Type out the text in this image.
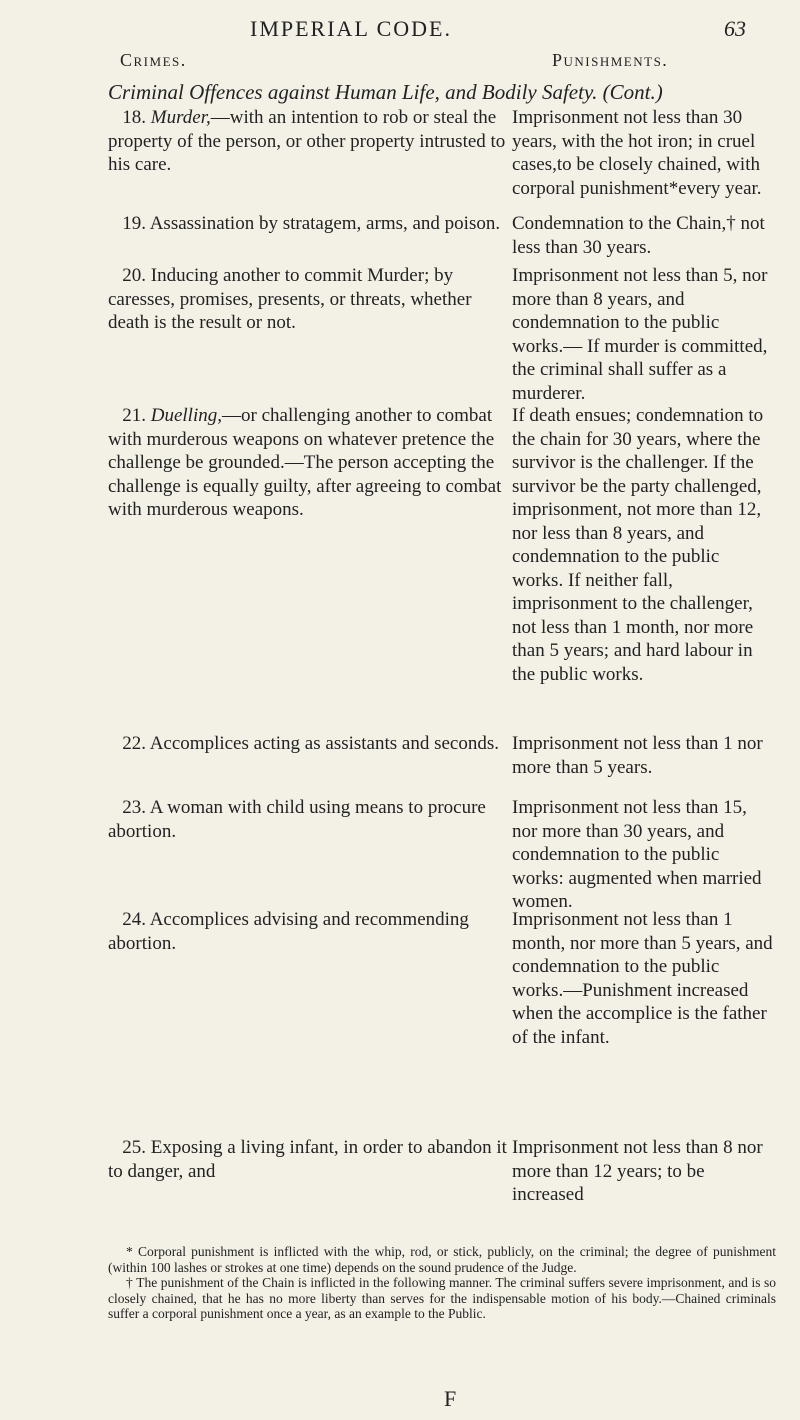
IMPERIAL CODE.	63
Crimes.	Punishments.
Criminal Offences against Human Life, and Bodily Safety. (Cont.)
18. Murder,—with an intention to rob or steal the property of the person, or other property intrusted to his care.
Imprisonment not less than 30 years, with the hot iron; in cruel cases,to be closely chained, with corporal punishment*every year.
19. Assassination by stratagem, arms, and poison. Condemnation to the Chain,† not less than 30 years.
20. Inducing another to commit Murder; by caresses, promises, presents, or threats, whether death is the result or not.
Imprisonment not less than 5, nor more than 8 years, and condemnation to the public works.— If murder is committed, the criminal shall suffer as a murderer.
21. Duelling,—or challenging another to combat with murderous weapons on whatever pretence the challenge be grounded.—The person accepting the challenge is equally guilty, after agreeing to combat with murderous weapons.
If death ensues; condemnation to the chain for 30 years, where the survivor is the challenger. If the survivor be the party challenged, imprisonment, not more than 12, nor less than 8 years, and condemnation to the public works. If neither fall, imprisonment to the challenger, not less than 1 month, nor more than 5 years; and hard labour in the public works.
22. Accomplices acting as assistants and seconds. Imprisonment not less than 1 nor more than 5 years.
23. A woman with child using means to procure abortion.
Imprisonment not less than 15, nor more than 30 years, and condemnation to the public works: augmented when married women.
24. Accomplices advising and recommending abortion.
Imprisonment not less than 1 month, nor more than 5 years, and condemnation to the public works.—Punishment increased when the accomplice is the father of the infant.
25. Exposing a living infant, in order to abandon it to danger, and
Imprisonment not less than 8 nor more than 12 years; to be increased

* Corporal punishment is inflicted with the whip, rod, or stick, publicly, on the criminal; the degree of punishment (within 100 lashes or strokes at one time) depends on the sound prudence of the Judge.

† The punishment of the Chain is inflicted in the following manner. The criminal suffers severe imprisonment, and is so closely chained, that he has no more liberty than serves for the indispensable motion of his body.—Chained criminals suffer a corporal punishment once a year, as an example to the Public.

F
